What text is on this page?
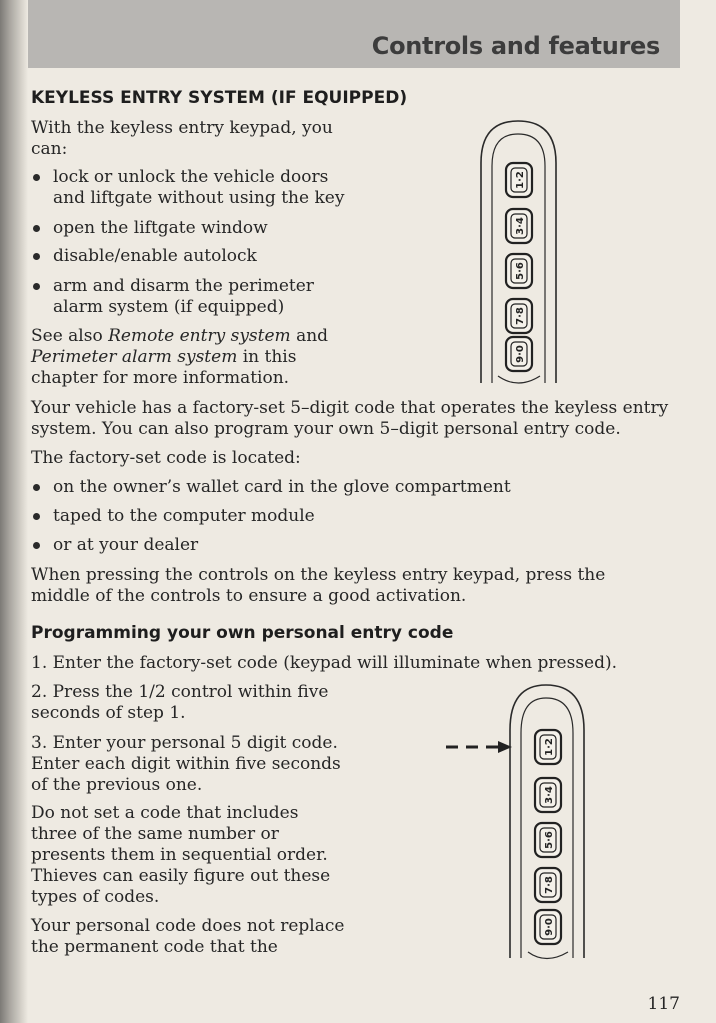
Controls and features
KEYLESS ENTRY SYSTEM (IF EQUIPPED)
With the keyless entry keypad, you
can:
lock or unlock the vehicle doors
and liftgate without using the key
open the liftgate window
disable/enable autolock
arm and disarm the perimeter
alarm system (if equipped)
See also Remote entry system and
Perimeter alarm system in this
chapter for more information.
Your vehicle has a factory-set 5–digit code that operates the keyless entry
system. You can also program your own 5–digit personal entry code.
The factory-set code is located:
on the owner’s wallet card in the glove compartment
taped to the computer module
or at your dealer
When pressing the controls on the keyless entry keypad, press the
middle of the controls to ensure a good activation.
Programming your own personal entry code
1. Enter the factory-set code (keypad will illuminate when pressed).
2. Press the 1/2 control within five
seconds of step 1.
3. Enter your personal 5 digit code.
Enter each digit within five seconds
of the previous one.
Do not set a code that includes
three of the same number or
presents them in sequential order.
Thieves can easily figure out these
types of codes.
Your personal code does not replace
the permanent code that the
1·2
3·4
5·6
7·8
9·0
1·2
3·4
5·6
7·8
9·0
117
